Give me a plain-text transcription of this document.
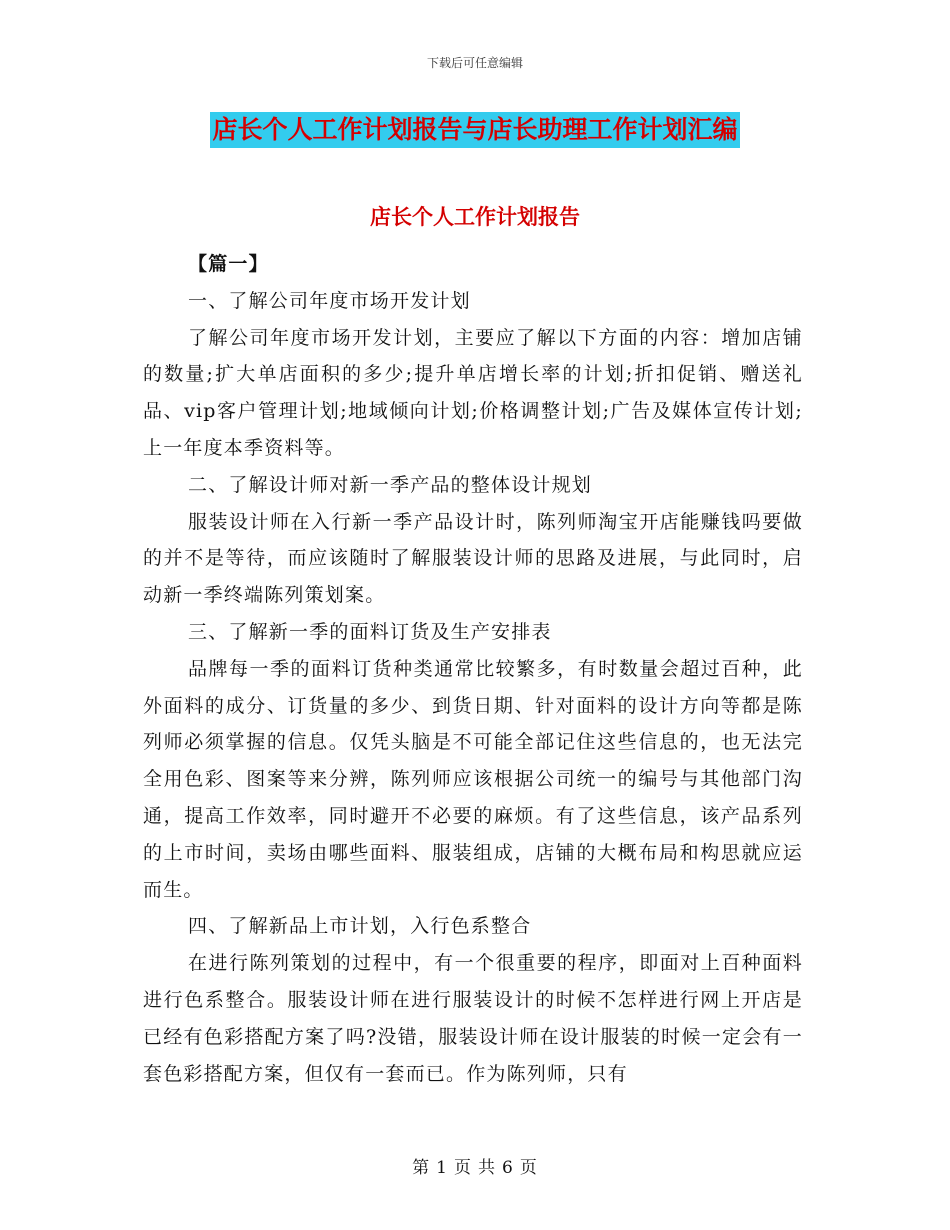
下载后可任意编辑
店长个人工作计划报告与店长助理工作计划汇编
店长个人工作计划报告

【篇一】

一、了解公司年度市场开发计划

了解公司年度市场开发计划，主要应了解以下方面的内容：增加店铺的数量;扩大单店面积的多少;提升单店增长率的计划;折扣促销、赠送礼品、vip客户管理计划;地域倾向计划;价格调整计划;广告及媒体宣传计划;上一年度本季资料等。

二、了解设计师对新一季产品的整体设计规划

服装设计师在入行新一季产品设计时，陈列师淘宝开店能赚钱吗要做的并不是等待，而应该随时了解服装设计师的思路及进展，与此同时，启动新一季终端陈列策划案。

三、了解新一季的面料订货及生产安排表

品牌每一季的面料订货种类通常比较繁多，有时数量会超过百种，此外面料的成分、订货量的多少、到货日期、针对面料的设计方向等都是陈列师必须掌握的信息。仅凭头脑是不可能全部记住这些信息的，也无法完全用色彩、图案等来分辨，陈列师应该根据公司统一的编号与其他部门沟通，提高工作效率，同时避开不必要的麻烦。有了这些信息，该产品系列的上市时间，卖场由哪些面料、服装组成，店铺的大概布局和构思就应运而生。

四、了解新品上市计划，入行色系整合

在进行陈列策划的过程中，有一个很重要的程序，即面对上百种面料进行色系整合。服装设计师在进行服装设计的时候不怎样进行网上开店是已经有色彩搭配方案了吗?没错，服装设计师在设计服装的时候一定会有一套色彩搭配方案，但仅有一套而已。作为陈列师，只有

第 1 页 共 6 页
